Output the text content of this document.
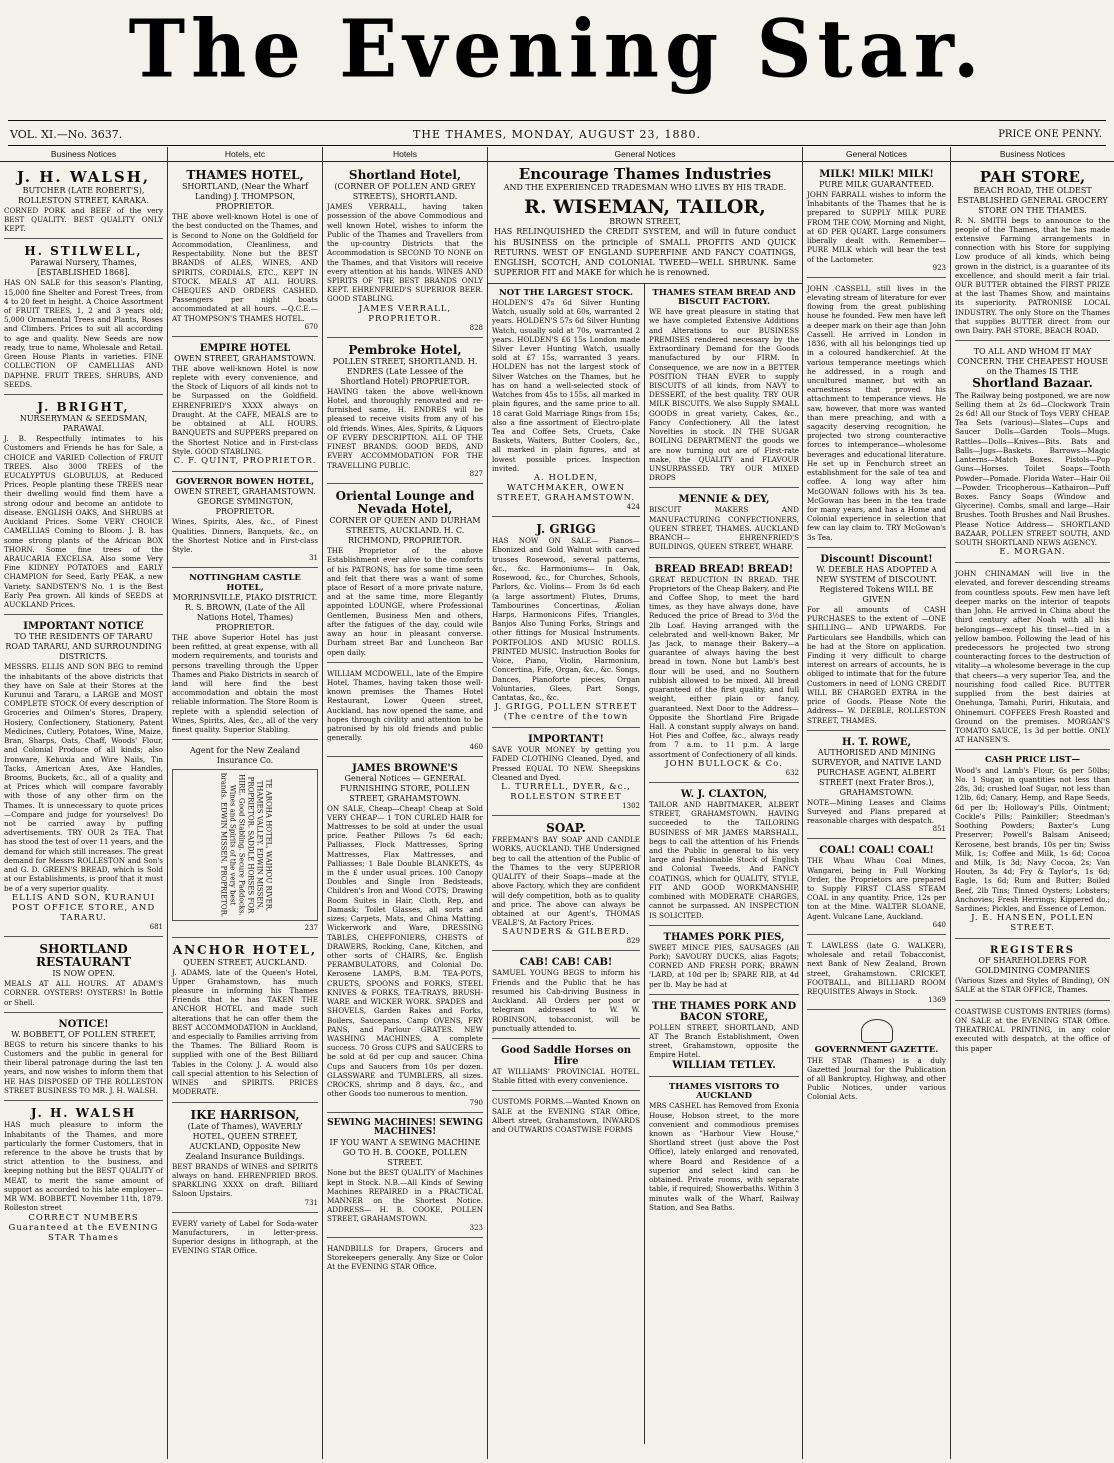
The Evening Star.
THE THAMES, MONDAY, AUGUST 23, 1880.
VOL. XI.—No. 3637.	PRICE ONE PENNY.
Business Notices
J. H. WALSH,
BUTCHER (LATE ROBERT'S), ROLLESTON STREET, KARAKA.
CORNED PORK and BEEF of the very BEST QUALITY. BEST QUALITY ONLY KEPT.
H. STILWELL,
Parawai Nursery, Thames, [ESTABLISHED 1868].
HAS ON SALE for this season's Planting, 15,000 fine Shelter and Forest Trees, from 4 to 20 feet in height. A Choice Assortment of FRUIT TREES, 1, 2 and 3 years old; 5,000 Ornamental Trees and Plants, Roses and Climbers. Prices to suit all according to age and quality. New Seeds are now ready, true to name, Wholesale and Retail. Green House Plants in varieties. FINE COLLECTION OF CAMELLIAS AND DAPHNE. FRUIT TREES, SHRUBS, AND SEEDS.
J. BRIGHT,
NURSERYMAN & SEEDSMAN, PARAWAI.
J. B. Respectfully intimates to his Customers and Friends he has for Sale, a CHOICE and VARIED Collection of FRUIT TREES. Also 3000 TREES of the EUCALYPTUS GLOBULUS, at Reduced Prices. People planting these TREES near their dwelling would find them have a strong odour and become an antidote to disease. ENGLISH OAKS, And SHRUBS at Auckland Prices. Some VERY CHOICE CAMELLIAS Coming to Bloom. J. B. has some strong plants of the African BOX THORN. Some fine trees of the ARAUCARIA EXCELSA. Also some Very Fine KIDNEY POTATOES and EARLY CHAMPION for Seed, Early PEAK, a new Variety. SANDSTEN'S No. 1 is the Best Early Pea grown. All kinds of SEEDS at AUCKLAND Prices.
IMPORTANT NOTICE
TO THE RESIDENTS OF TARARU ROAD TARARU, AND SURROUNDING DISTRICTS.
MESSRS. ELLIS AND SON BEG to remind the inhabitants of the above districts that they have on Sale at their Stores at the Kurunui and Tararu, a LARGE and MOST COMPLETE STOCK Of every description of Groceries and Oilmen's Stores, Drapery, Hosiery, Confectionery, Stationery, Patent Medicines, Cutlery, Potatoes, Wine, Maize, Bran, Sharps, Oats, Chaff, Woods' Flour, and Colonial Produce of all kinds; also Ironware, Kehuxia and Wire Nails, Tin Tacks, American Axes, Axe Handles, Brooms, Buckets, &c., all of a quality and at Prices which will compare favorably with those of any other firm on the Thames. It is unnecessary to quote prices—Compare and judge for yourselves! Do not be carried away by puffing advertisements. TRY OUR 2s TEA. That has stood the test of over 11 years, and the demand for which still increases. The great demand for Messrs ROLLESTON and Son's and G. D. GREEN'S BREAD, which is Sold at our Establishments, is proof that it must be of a very superior quality.
ELLIS AND SON, KURANUI POST OFFICE STORE, AND TARARU.
681
SHORTLAND RESTAURANT
IS NOW OPEN.
MEALS AT ALL HOURS. AT ADAM'S CORNER. OYSTERS! OYSTERS! In Bottle or Shell.
NOTICE!
W. BOBBETT, OF POLLEN STREET,
BEGS to return his sincere thanks to his Customers and the public in general for their liberal patronage during the last ten years, and now wishes to inform them that HE HAS DISPOSED OF THE ROLLESTON STREET BUSINESS TO MR. J. H. WALSH.
J. H. WALSH
HAS much pleasure to inform the Inhabitants of the Thames, and more particularly the former Customers, that in reference to the above he trusts that by strict attention to the business, and keeping nothing but the BEST QUALITY of MEAT, to merit the same amount of support as accorded to his late employer—MR WM. BOBBETT. November 11th, 1879. Rolleston street
CORRECT NUMBERS Guaranteed at the EVENING STAR Thames
Hotels, etc
THAMES HOTEL,
SHORTLAND, (Near the Wharf Landing) J. THOMPSON, PROPRIETOR.
THE above well-known Hotel is one of the best conducted on the Thames, and is Second to None on the Goldfield for Accommodation, Cleanliness, and Respectability. None but the BEST BRANDS of ALES, WINES, AND SPIRITS, CORDIALS, ETC., KEPT IN STOCK. MEALS AT ALL HOURS. CHEQUES AND ORDERS CASHED. Passengers per night boats accommodated at all hours. —Q.C.E.— AT THOMPSON'S THAMES HOTEL.
670
EMPIRE HOTEL
OWEN STREET, GRAHAMSTOWN.
THE above well-known Hotel is now replete with every convenience, and the Stock of Liquors of all kinds not to be Surpassed on the Goldfield. EHRENFRIED'S XXXX always on Draught. At the CAFE, MEALS are to be obtained at ALL HOURS. BANQUETS and SUPPERS prepared on the Shortest Notice and in First-class Style. GOOD STABLING.
C. F. QUINT, PROPRIETOR.
GOVERNOR BOWEN HOTEL,
OWEN STREET, GRAHAMSTOWN. GEORGE SYMINGTON, PROPRIETOR.
Wines, Spirits, Ales, &c., of Finest Qualities. Dinners, Banquets, &c., on the Shortest Notice and in First-class Style.
31
NOTTINGHAM CASTLE HOTEL,
MORRINSVILLE, PIAKO DISTRICT. R. S. BROWN, (Late of the All Nations Hotel, Thames) PROPRIETOR.
THE above Superior Hotel has just been refitted, at great expense, with all modern requirements, and tourists and persons travelling through the Upper Thames and Piako Districts in search of land will here find the best accommodation and obtain the most reliable information. The Store Room is replete with a splendid selection of Wines, Spirits, Ales, &c., all of the very finest quality. Superior Stabling.
Agent for the New Zealand Insurance Co.
TE AROHA HOTEL, WAIHOU RIVER, THAMES VALLEY. EDWIN MISSEN, PROPRIETOR. SADDLE HORSES FOR HIRE. Good Stabling. Secure Paddocks. Wines and Spirits of the very best brands. EDWIN MISSEN, PROPRIETOR.
237
ANCHOR HOTEL,
QUEEN STREET, AUCKLAND.
J. ADAMS, late of the Queen's Hotel, Upper Grahamstown, has much pleasure in informing his Thames Friends that he has TAKEN THE ANCHOR HOTEL and made such alterations that he can offer them the BEST ACCOMMODATION in Auckland, and especially to Families arriving from the Thames. The Billiard Room is supplied with one of the Best Billiard Tables in the Colony. J. A. would also call special attention to his Selection of WINES and SPIRITS. PRICES MODERATE.
IKE HARRISON,
(Late of Thames), WAVERLY HOTEL, QUEEN STREET, AUCKLAND, Opposite New Zealand Insurance Buildings.
BEST BRANDS of WINES and SPIRITS always on hand. EHRENFRIED BROS. SPARKLING XXXX on draft. Billiard Saloon Upstairs.
731
EVERY variety of Label for Soda-water Manufacturers, in letter-press. Superior designs in lithograph, at the EVENING STAR Office.
Hotels
Shortland Hotel,
(CORNER OF POLLEN AND GREY STREETS), SHORTLAND.
JAMES VERRALL, having taken possession of the above Commodious and well known Hotel, wishes to inform the Public of the Thames and Travellers from the up-country Districts that the Accommodation is SECOND TO NONE on the Thames, and that Visitors will receive every attention at his hands. WINES AND SPIRITS OF THE BEST BRANDS ONLY KEPT. EHRENFRIED'S SUPERIOR BEER. GOOD STABLING.
JAMES VERRALL, PROPRIETOR.
828
Pembroke Hotel,
POLLEN STREET, SHORTLAND. H. ENDRES (Late Lessee of the Shortland Hotel) PROPRIETOR.
HAVING taken the above well-known Hotel, and thoroughly renovated and re-furnished same, H. ENDRES will be pleased to receive visits from any of his old friends. Wines, Ales, Spirits, & Liquors OF EVERY DESCRIPTION. ALL OF THE FINEST BRANDS. GOOD BEDS, AND EVERY ACCOMMODATION FOR THE TRAVELLING PUBLIC.
827
Oriental Lounge and Nevada Hotel,
CORNER OF QUEEN AND DURHAM STREETS, AUCKLAND. H. C. RICHMOND, PROPRIETOR.
THE Proprietor of the above Establishment ever alive to the comforts of his PATRONS, has for some time seen and felt that there was a want of some place of Resort of a more private nature, and at the same time, more Elegantly appointed LOUNGE, where Professional Gentlemen, Business Men and others, after the fatigues of the day, could wile away an hour in pleasant converse. Durham street Bar and Luncheon Bar open daily.
WILLIAM MCDOWELL, late of the Empire Hotel, Thames, having taken those well-known premises the Thames Hotel Restaurant, Lower Queen street, Auckland, has now opened the same, and hopes through civility and attention to be patronised by his old friends and public generally.
460
JAMES BROWNE'S
General Notices — GENERAL FURNISHING STORE, POLLEN STREET, GRAHAMSTOWN.
ON SALE, Cheap—Cheap! Cheap at Sold VERY CHEAP— 1 TON CURLED HAIR for Mattresses to be sold at under the usual price. Feather Pillows 7s 6d each; Palliasses, Flock Mattresses, Spring Mattresses, Flax Mattresses, and Palliasses; 1 Bale Double BLANKETS, 4s in the £ under usual prices. 100 Canopy Doubles and Single Iron Bedsteads, Children's Iron and Wood COTS; Drawing Room Suites in Hair, Cloth, Rep, and Damask; Toilet Glasses, all sorts and sizes; Carpets, Mats, and China Matting. Wickerwork and Ware, DRESSING TABLES, CHEFFONIERS, CHESTS of DRAWERS, Rocking, Cane, Kitchen, and other sorts of CHAIRS, &c. English PERAMBULATORS, and Colonial Do. Kerosene LAMPS, B.M. TEA-POTS, CRUETS, SPOONS and FORKS, STEEL KNIVES & FORKS, TEA-TRAYS, BRUSH-WARE and WICKER WORK. SPADES and SHOVELS, Garden Rakes and Forks, Boilers, Saucepans. Camp OVENS, FRY PANS, and Parlour GRATES. NEW WASHING MACHINES, A complete success. 70 Gross CUPS and SAUCERS to be sold at 6d per cup and saucer. China Cups and Saucers from 10s per dozen. GLASSWARE and TUMBLERS, all sizes. CROCKS, shrimp and 8 days, &c., and other Goods too numerous to mention.
790
SEWING MACHINES! SEWING MACHINES!
IF YOU WANT A SEWING MACHINE GO TO H. B. COOKE, POLLEN STREET.
None but the BEST QUALITY of Machines kept in Stock. N.B.—All Kinds of Sewing Machines REPAIRED in a PRACTICAL MANNER on the Shortest Notice. ADDRESS— H. B. COOKE, POLLEN STREET, GRAHAMSTOWN.
323
HANDBILLS for Drapers, Grocers and Storekeepers generally. Any Size or Color At the EVENING STAR Office.
General Notices
Encourage Thames Industries
AND THE EXPERIENCED TRADESMAN WHO LIVES BY HIS TRADE.
R. WISEMAN, TAILOR,
BROWN STREET,
HAS RELINQUISHED the CREDIT SYSTEM, and will in future conduct his BUSINESS on the principle of SMALL PROFITS AND QUICK RETURNS. WEST OF ENGLAND SUPERFINE AND FANCY COATINGS, ENGLISH, SCOTCH, AND COLONIAL TWEED—WELL SHRUNK. Same SUPERIOR FIT and MAKE for which he is renowned.
NOT THE LARGEST STOCK.
HOLDEN'S 47s 6d Silver Hunting Watch, usually sold at 60s, warranted 2 years. HOLDEN'S 57s 6d Silver Hunting Watch, usually sold at 70s, warranted 2 years. HOLDEN'S £6 15s London made Silver Lever Hunting Watch, usually sold at £7 15s, warranted 3 years. HOLDEN has not the largest stock of Silver Watches on the Thames, but he has on hand a well-selected stock of Watches from 45s to 155s, all marked in plain figures, and the same price to all. 18 carat Gold Marriage Rings from 15s; also a fine assortment of Electro-plate Tea and Coffee Sets, Cruets, Cake Baskets, Waiters, Butter Coolers, &c., all marked in plain figures, and at lowest possible prices. Inspection invited.
A. HOLDEN, WATCHMAKER, OWEN STREET, GRAHAMSTOWN.
424
J. GRIGG
HAS NOW ON SALE— Pianos— Ebonized and Gold Walnut with carved trusses Rosewood, several patterns, &c., &c. Harmoniums— In Oak, Rosewood, &c., for Churches, Schools, Parlors, &c. Violins— From 3s 6d each (a large assortment) Flutes, Drums, Tambourines Concertinas, Æolian Harps, Harmonicons Fifes, Triangles, Banjos Also Tuning Forks, Strings and other fittings for Musical Instruments. PORTFOLIOS AND MUSIC ROLLS. PRINTED MUSIC. Instruction Books for Voice, Piano, Violin, Harmonium, Concertina, Fife, Organ, &c., &c. Songs, Dances, Pianoforte pieces, Organ Voluntaries, Glees, Part Songs, Cantatas, &c., &c.
J. GRIGG, POLLEN STREET (The centre of the town
IMPORTANT!
SAVE YOUR MONEY by getting you FADED CLOTHING Cleaned, Dyed, and Pressed EQUAL TO NEW. Sheepskins Cleaned and Dyed.
L. TURRELL, DYER, &c., ROLLESTON STREET
1302
SOAP.
FREEMAN'S BAY SOAP AND CANDLE WORKS, AUCKLAND. THE Undersigned beg to call the attention of the Public of the Thames to the very SUPERIOR QUALITY of their Soaps—made at the above Factory, which they are confident will defy competition, both as to quality and price. The above can always be obtained at our Agent's, THOMAS VEALE'S, At Factory Prices.
SAUNDERS & GILBERD.
829
CAB! CAB! CAB!
SAMUEL YOUNG BEGS to inform his Friends and the Public that he has resumed his Cab-driving Business in Auckland. All Orders per post or telegram addressed to W. W. ROBINSON, tobacconist, will be punctually attended to.
Good Saddle Horses on Hire
AT WILLIAMS' PROVINCIAL HOTEL. Stable fitted with every convenience.
CUSTOMS FORMS.—Wanted Known on SALE at the EVENING STAR Office, Albert street, Grahamstown, INWARDS and OUTWARDS COASTWISE FORMS
THAMES STEAM BREAD AND BISCUIT FACTORY.
WE have great pleasure in stating that we have completed Extensive Additions and Alterations to our BUSINESS PREMISES rendered necessary by the Extraordinary Demand for the Goods manufactured by our FIRM. In Consequence, we are now in a BETTER POSITION THAN EVER to supply BISCUITS of all kinds, from NAVY to DESSERT, of the best quality. TRY OUR MILK BISCUITS. We also Supply SMALL GOODS in great variety, Cakes, &c., Fancy Confectionery. All the latest Novelties in stock. IN THE SUGAR BOILING DEPARTMENT the goods we are now turning out are of First-rate make, the QUALITY and FLAVOUR UNSURPASSED. TRY OUR MIXED DROPS
MENNIE & DEY,
BISCUIT MAKERS AND MANUFACTURING CONFECTIONERS, QUEEN STREET, THAMES. AUCKLAND BRANCH— EHRENFRIED'S BUILDINGS, QUEEN STREET, WHARF.
BREAD BREAD! BREAD!
GREAT REDUCTION IN BREAD. THE Proprietors of the Cheap Bakery, and Pie and Coffee Shop, to meet the hard times, as they have always done, have Reduced the price of Bread to 3½d the 2lb Loaf. Having arranged with the celebrated and well-known Baker, Mr Jas Jack, to manage their Bakery—a guarantee of always having the best bread in town. None but Lamb's best flour will be used, and no Southern rubbish allowed to be mixed. All bread guaranteed of the first quality, and full weight, either plain or fancy, guaranteed. Next Door to the Address—Opposite the Shortland Fire Brigade Hall. A constant supply always on hand. Hot Pies and Coffee, &c., always ready from 7 a.m. to 11 p.m. A large assortment of Confectionery of all kinds.
JOHN BULLOCK & Co.
632
W. J. CLAXTON,
TAILOR AND HABITMAKER, ALBERT STREET, GRAHAMSTOWN. HAVING succeeded to the TAILORING BUSINESS of MR JAMES MARSHALL, begs to call the attention of his Friends and the Public in general to his very large and Fashionable Stock of English and Colonial Tweeds, And FANCY COATINGS, which for QUALITY, STYLE, FIT AND GOOD WORKMANSHIP, combined with MODERATE CHARGES, cannot be surpassed. AN INSPECTION IS SOLICITED.
THAMES PORK PIES,
SWEET MINCE PIES, SAUSAGES (All Pork); SAVOURY DUCKS, alias Fagots; CORNED AND FRESH PORK; BRAWN 'LARD, at 10d per lb; SPARE RIB, at 4d per lb. May be had at
THE THAMES PORK AND BACON STORE,
POLLEN STREET, SHORTLAND, AND AT The Branch Establishment, Owen street, Grahamstown, opposite the Empire Hotel.
WILLIAM TETLEY.
THAMES VISITORS TO AUCKLAND
MRS CASHEL has Removed from Exonia House, Hobson street, to the more convenient and commodious premises known as "Harbour View House," Shortland street (just above the Post Office), lately enlarged and renovated, where Board and Residence of a superior and select kind can be obtained. Private rooms, with separate table, if required; Showerbaths. Within 3 minutes walk of the Wharf, Railway Station, and Sea Baths.
General Notices
MILK! MILK! MILK!
PURE MILK GUARANTEED.
JOHN FARRALL wishes to inform the Inhabitants of the Thames that he is prepared to SUPPLY MILK PURE FROM THE COW, Morning and Night, at 6D PER QUART. Large consumers liberally dealt with. Remember—PURE MILK which will bear the test of the Lactometer.
923
JOHN CASSELL still lives in the elevating stream of literature for ever flowing from the great publishing house he founded. Few men have left a deeper mark on their age than John Cassell. He arrived in London in 1836, with all his belongings tied up in a coloured handkerchief. At the various temperance meetings which he addressed, in a rough and uncultured manner, but with an earnestness that proved his attachment to temperance views. He saw, however, that more was wanted than mere preaching, and with a sagacity deserving recognition, he projected two strong counteractive forces to intemperance—wholesome beverages and educational literature. He set up in Fenchurch street an establishment for the sale of tea and coffee. A long way after him McGOWAN follows with his 3s tea. McGowan has been in the tea trade for many years, and has a Home and Colonial experience in selection that few can lay claim to. TRY McGowan's 3s Tea.
Discount! Discount!
W. DEEBLE HAS ADOPTED A NEW SYSTEM of DISCOUNT. Registered Tokens WILL BE GIVEN
For all amounts of CASH PURCHASES to the extent of —ONE SHILLING— AND UPWARDS. For Particulars see Handbills, which can be had at the Store on application. Finding it very difficult to charge interest on arrears of accounts, he is obliged to intimate that for the future Customers in need of LONG CREDIT WILL BE CHARGED EXTRA in the price of Goods. Please Note the Address— W. DEEBLE, ROLLESTON STREET, THAMES.
H. T. ROWE,
AUTHORISED AND MINING SURVEYOR, and NATIVE LAND PURCHASE AGENT, ALBERT STREET (next Frater Bros.), GRAHAMSTOWN.
NOTE—Mining Leases and Claims Surveyed and Plans prepared at reasonable charges with despatch.
851
COAL! COAL! COAL!
THE Whau Whau Coal Mines, Wangarei, being in Full Working Order, the Proprietors are prepared to Supply FIRST CLASS STEAM COAL in any quantity. Price, 12s per ton at the Mine. WALTER SLOANE, Agent. Vulcane Lane, Auckland.
640
T. LAWLESS (late G. WALKER), wholesale and retail Tobacconist, next Bank of New Zealand, Brown street, Grahamstown. CRICKET, FOOTBALL, and BILLIARD ROOM REQUISITES Always in Stock.
1369
GOVERNMENT GAZETTE.
THE STAR (Thames) is a duly Gazetted Journal for the Publication of all Bankruptcy, Highway, and other Public Notices, under various Colonial Acts.
Business Notices
PAH STORE,
BEACH ROAD, THE OLDEST ESTABLISHED GENERAL GROCERY STORE ON THE THAMES.
R. N. SMITH begs to announce to the people of the Thames, that he has made extensive Farming arrangements in connection with his Store for supplying Low produce of all kinds, which being grown in the district, is a guarantee of its excellence, and should merit a fair trial. OUR BUTTER obtained the FIRST PRIZE at the last Thames Show, and maintains its superiority. PATRONISE LOCAL INDUSTRY. The only Store on the Thames that supplies BUTTER direct from our own Dairy. PAH STORE, BEACH ROAD.
TO ALL AND WHOM IT MAY CONCERN. THE CHEAPEST HOUSE on the Thames IS THE
Shortland Bazaar.
The Railway being postponed, we are now Selling them at 2s 6d—Clockwork Train 2s 6d! All our Stock of Toys VERY CHEAP. Tea Sets (various)—Slates—Cups and Saucer Dolls—Garden Tools—Mugs. Rattles—Dolls—Knives—Bits. Bats and Balls—Jugs—Baskets. Barrows—Magic Lanterns—Match Boxes. Pistols—Pop Guns—Horses. Toilet Soaps—Tooth Powder—Pomade. Florida Water—Hair Oil—Powder. Tricopherous—Kathairon—Puff Boxes. Fancy Soaps (Window and Glycerine). Combs, small and large—Hair Brushes. Tooth Brushes and Nail Brushes. Please Notice Address— SHORTLAND BAZAAR, POLLEN STREET SOUTH, AND SOUTH SHORTLAND NEWS AGENCY.
E. MORGAN.
JOHN CHINAMAN will live in the elevated, and forever descending streams from countless spouts. Few men have left deeper marks on the interior of teapots than John. He arrived in China about the third century after Noah with all his belongings—except his tinsel—tied in a yellow bamboo. Following the lead of his predecessors he projected two strong counteracting forces to the destruction of vitality—a wholesome beverage in the cup that cheers—a very superior Tea, and the nourishing food called Rice. BUTTER supplied from the best dairies at Onehunga, Tamahi, Puriri, Hikutaia, and Ohinemuri. COFFEES Fresh Roasted and Ground on the premises. MORGAN'S TOMATO SAUCE, 1s 3d per bottle. ONLY AT HANSEN'S.
CASH PRICE LIST—
Wood's and Lamb's Flour, 6s per 50lbs; No. 1 Sugar, in quantities not less than 28s, 3d; crushed loaf Sugar, not less than 12lb, 6d; Canary, Hemp, and Rape Seeds, 6d per lb; Holloway's Pills, Ointment; Cockle's Pills; Painkiller; Steedman's Soothing Powders; Baxter's Lung Preserver; Powell's Balsam Aniseed; Kerosene, best brands, 10s per tin; Swiss Milk, 1s; Coffee and Milk, 1s 6d; Cocoa and Milk, 1s 3d; Navy Cocoa, 2s; Van Houten, 3s 4d; Fry & Taylor's, 1s 6d; Eagle, 1s 6d; Rum and Butter; Boiled Beef, 2lb Tins; Tinned Oysters; Lobsters; Anchovies; Fresh Herrings; Kippered do.; Sardines; Pickles, and Essence of Lemon.
J. E. HANSEN, POLLEN STREET.
REGISTERS
OF SHAREHOLDERS FOR GOLDMINING COMPANIES
(Various Sizes and Styles of Binding), ON SALE at the STAR OFFICE, Thames.
COASTWISE CUSTOMS ENTRIES (forms) ON SALE at the EVENING STAR Office. THEATRICAL PRINTING, in any color executed with despatch, at the office of this paper
